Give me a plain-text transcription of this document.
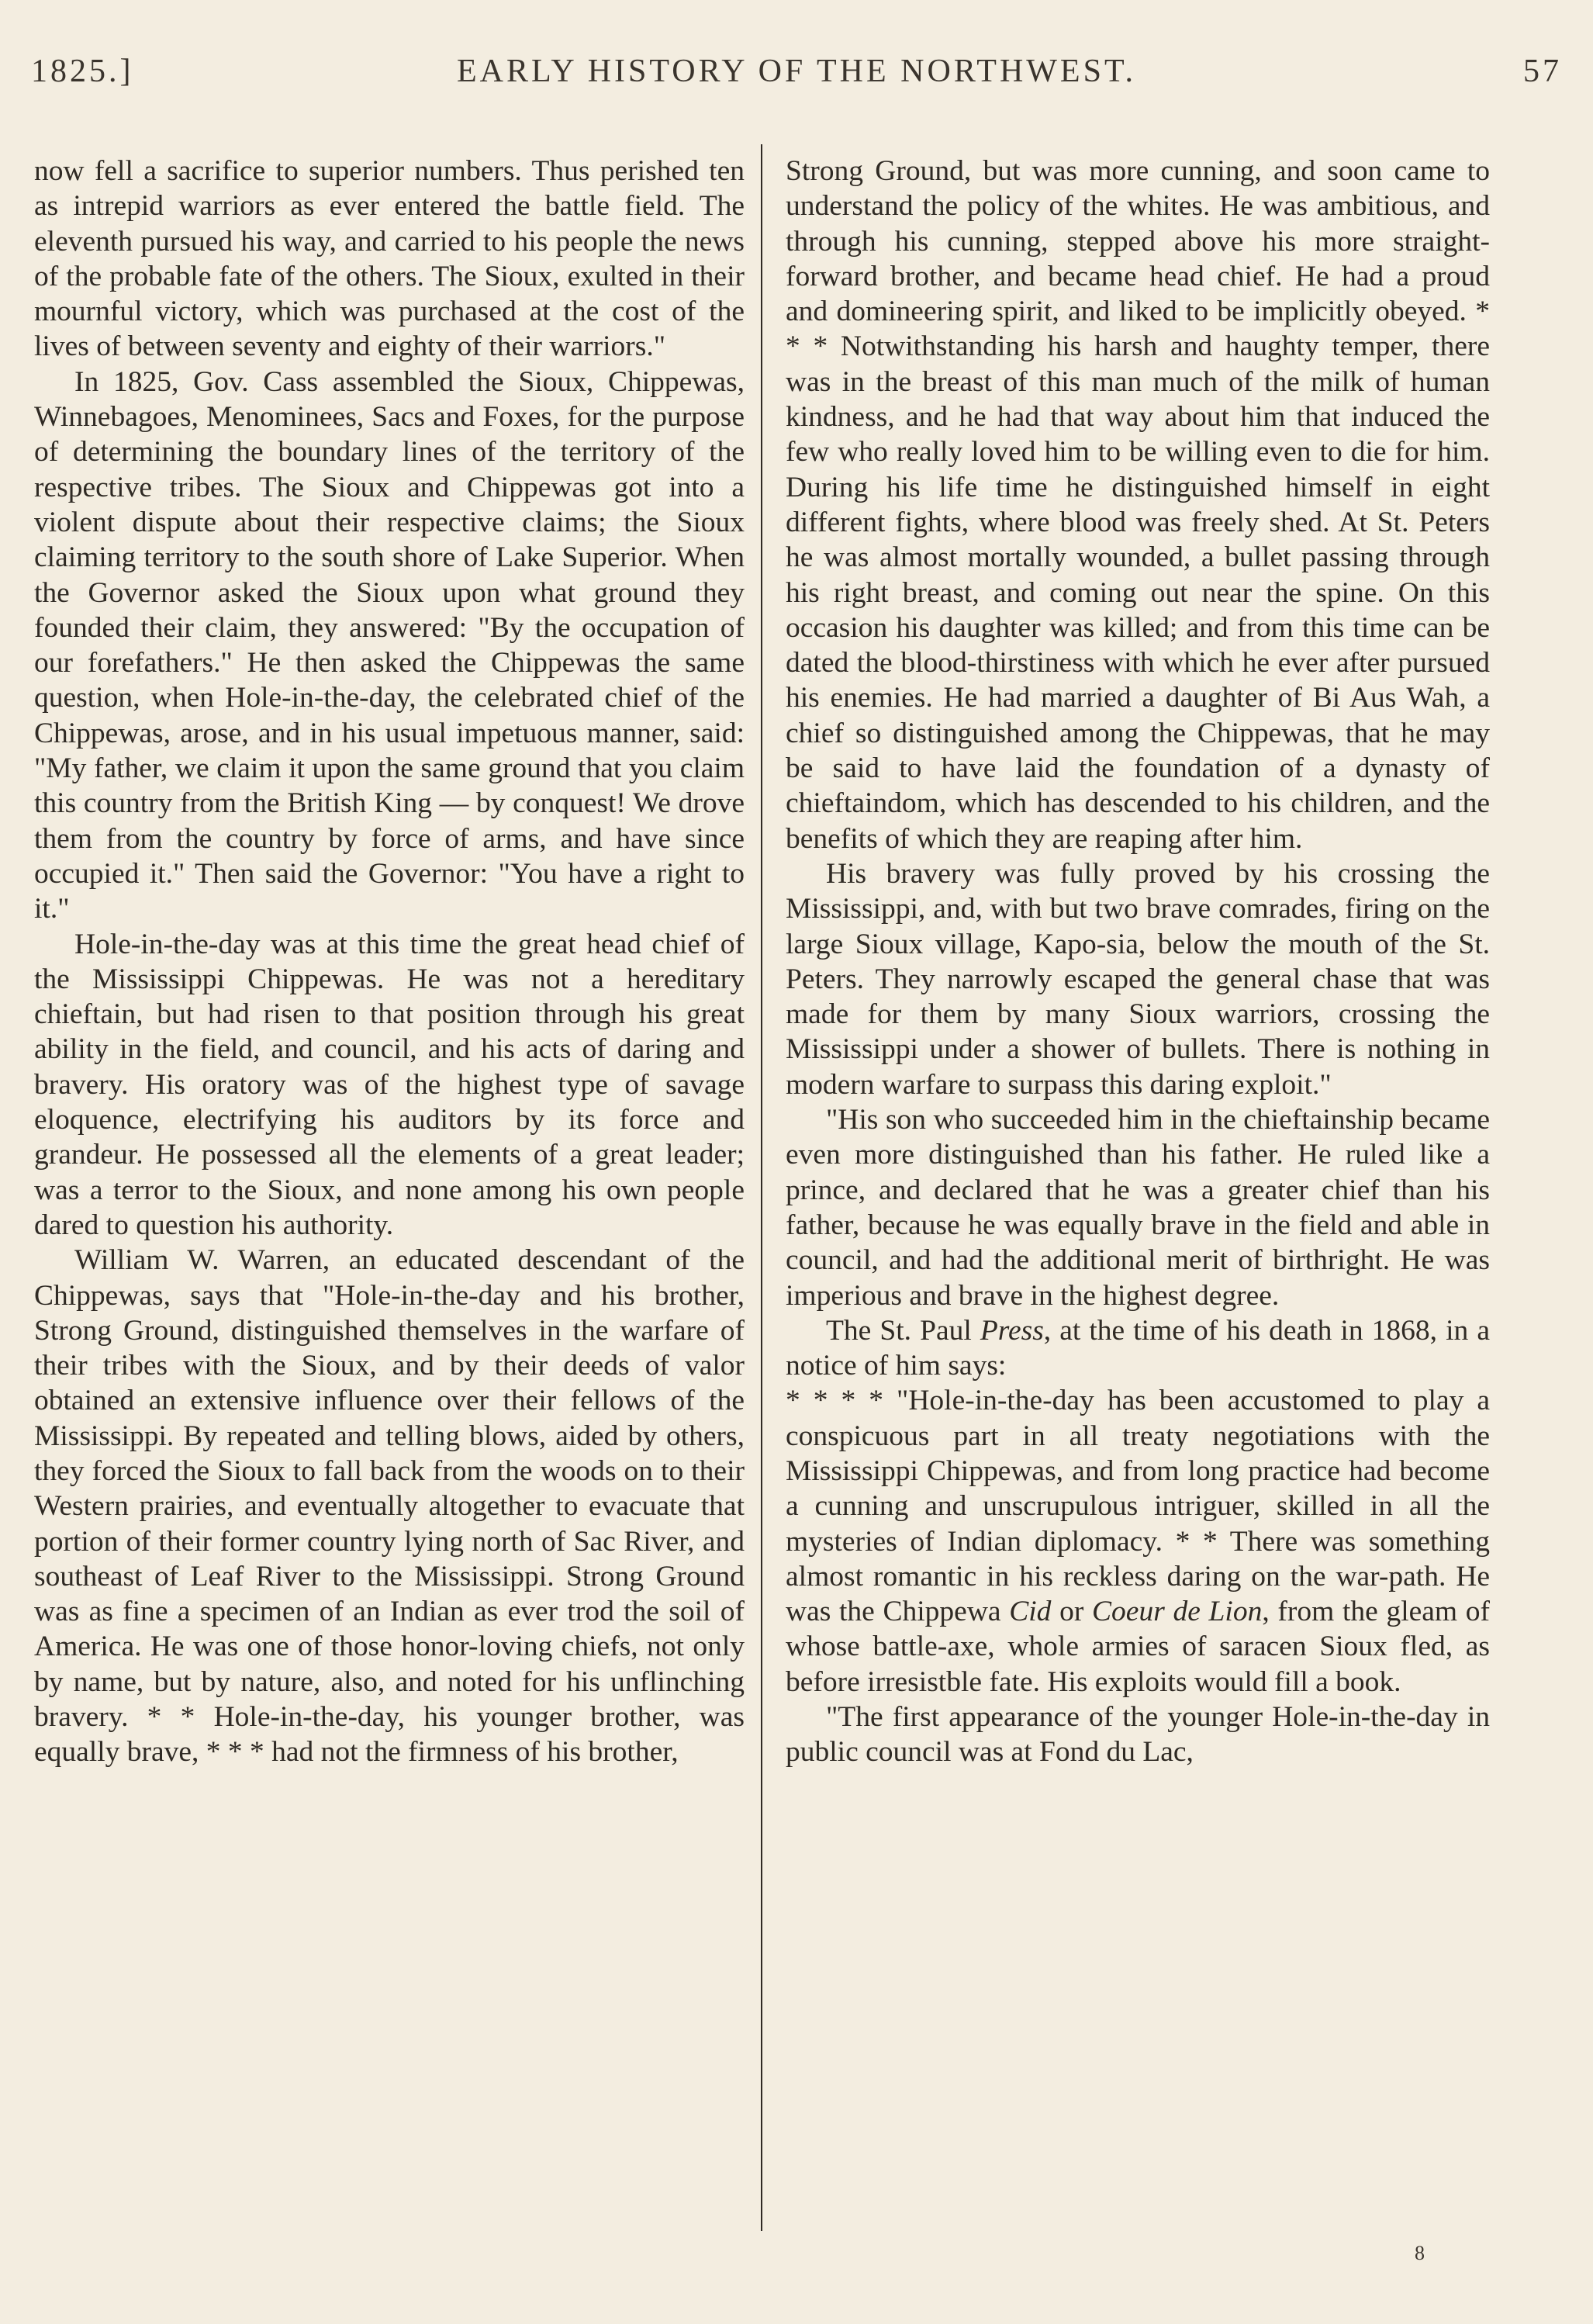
1825.]	EARLY HISTORY OF THE NORTHWEST.	57

now fell a sacrifice to superior numbers. Thus perished ten as intrepid warriors as ever entered the battle field. The eleventh pursued his way, and carried to his people the news of the probable fate of the others. The Sioux, exulted in their mournful victory, which was purchased at the cost of the lives of between seventy and eighty of their warriors."

In 1825, Gov. Cass assembled the Sioux, Chippewas, Winnebagoes, Menominees, Sacs and Foxes, for the purpose of determining the boundary lines of the territory of the respective tribes. The Sioux and Chippewas got into a violent dispute about their respective claims; the Sioux claiming territory to the south shore of Lake Superior. When the Governor asked the Sioux upon what ground they founded their claim, they answered: "By the occupation of our forefathers." He then asked the Chippewas the same question, when Hole-in-the-day, the celebrated chief of the Chippewas, arose, and in his usual impetuous manner, said: "My father, we claim it upon the same ground that you claim this country from the British King — by conquest! We drove them from the country by force of arms, and have since occupied it." Then said the Governor: "You have a right to it."

Hole-in-the-day was at this time the great head chief of the Mississippi Chippewas. He was not a hereditary chieftain, but had risen to that position through his great ability in the field, and council, and his acts of daring and bravery. His oratory was of the highest type of savage eloquence, electrifying his auditors by its force and grandeur. He possessed all the elements of a great leader; was a terror to the Sioux, and none among his own people dared to question his authority.

William W. Warren, an educated descendant of the Chippewas, says that "Hole-in-the-day and his brother, Strong Ground, distinguished themselves in the warfare of their tribes with the Sioux, and by their deeds of valor obtained an extensive influence over their fellows of the Mississippi. By repeated and telling blows, aided by others, they forced the Sioux to fall back from the woods on to their Western prairies, and eventually altogether to evacuate that portion of their former country lying north of Sac River, and southeast of Leaf River to the Mississippi. Strong Ground was as fine a specimen of an Indian as ever trod the soil of America. He was one of those honor-loving chiefs, not only by name, but by nature, also, and noted for his unflinching bravery. * * Hole-in-the-day, his younger brother, was equally brave, * * * had not the firmness of his brother,

Strong Ground, but was more cunning, and soon came to understand the policy of the whites. He was ambitious, and through his cunning, stepped above his more straight-forward brother, and became head chief. He had a proud and domineering spirit, and liked to be implicitly obeyed. * * * Notwithstanding his harsh and haughty temper, there was in the breast of this man much of the milk of human kindness, and he had that way about him that induced the few who really loved him to be willing even to die for him. During his life time he distinguished himself in eight different fights, where blood was freely shed. At St. Peters he was almost mortally wounded, a bullet passing through his right breast, and coming out near the spine. On this occasion his daughter was killed; and from this time can be dated the blood-thirstiness with which he ever after pursued his enemies. He had married a daughter of Bi Aus Wah, a chief so distinguished among the Chippewas, that he may be said to have laid the foundation of a dynasty of chieftaindom, which has descended to his children, and the benefits of which they are reaping after him.

His bravery was fully proved by his crossing the Mississippi, and, with but two brave comrades, firing on the large Sioux village, Kapo-sia, below the mouth of the St. Peters. They narrowly escaped the general chase that was made for them by many Sioux warriors, crossing the Mississippi under a shower of bullets. There is nothing in modern warfare to surpass this daring exploit."

"His son who succeeded him in the chieftainship became even more distinguished than his father. He ruled like a prince, and declared that he was a greater chief than his father, because he was equally brave in the field and able in council, and had the additional merit of birthright. He was imperious and brave in the highest degree.

The St. Paul Press, at the time of his death in 1868, in a notice of him says:

* * * * "Hole-in-the-day has been accustomed to play a conspicuous part in all treaty negotiations with the Mississippi Chippewas, and from long practice had become a cunning and unscrupulous intriguer, skilled in all the mysteries of Indian diplomacy. * * There was something almost romantic in his reckless daring on the war-path. He was the Chippewa Cid or Coeur de Lion, from the gleam of whose battle-axe, whole armies of saracen Sioux fled, as before irresistble fate. His exploits would fill a book.

"The first appearance of the younger Hole-in-the-day in public council was at Fond du Lac,

8
